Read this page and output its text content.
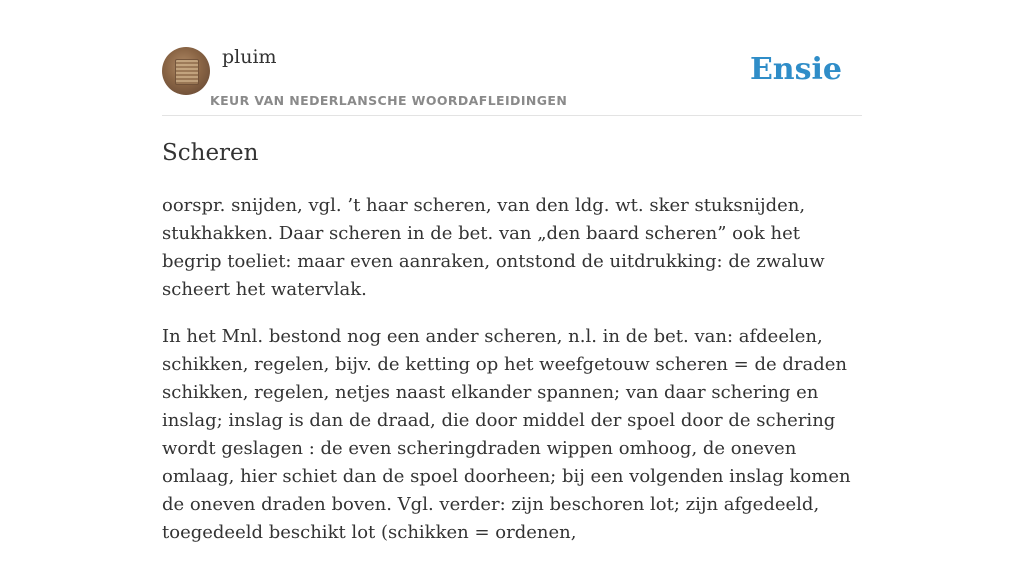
pluim
KEUR VAN NEDERLANSCHE WOORDAFLEIDINGEN
Ensie
Scheren

oorspr. snijden, vgl. ’t haar scheren, van den ldg. wt. sker stuksnijden, stukhakken. Daar scheren in de bet. van „den baard scheren” ook het begrip toeliet: maar even aanraken, ontstond de uitdrukking: de zwaluw scheert het watervlak.

In het Mnl. bestond nog een ander scheren, n.l. in de bet. van: afdeelen, schikken, regelen, bijv. de ketting op het weefgetouw scheren = de draden schikken, regelen, netjes naast elkander spannen; van daar schering en inslag; inslag is dan de draad, die door middel der spoel door de schering wordt geslagen : de even scheringdraden wippen omhoog, de oneven omlaag, hier schiet dan de spoel doorheen; bij een volgenden inslag komen de oneven draden boven. Vgl. verder: zijn beschoren lot; zijn afgedeeld, toegedeeld beschikt lot (schikken = ordenen,
